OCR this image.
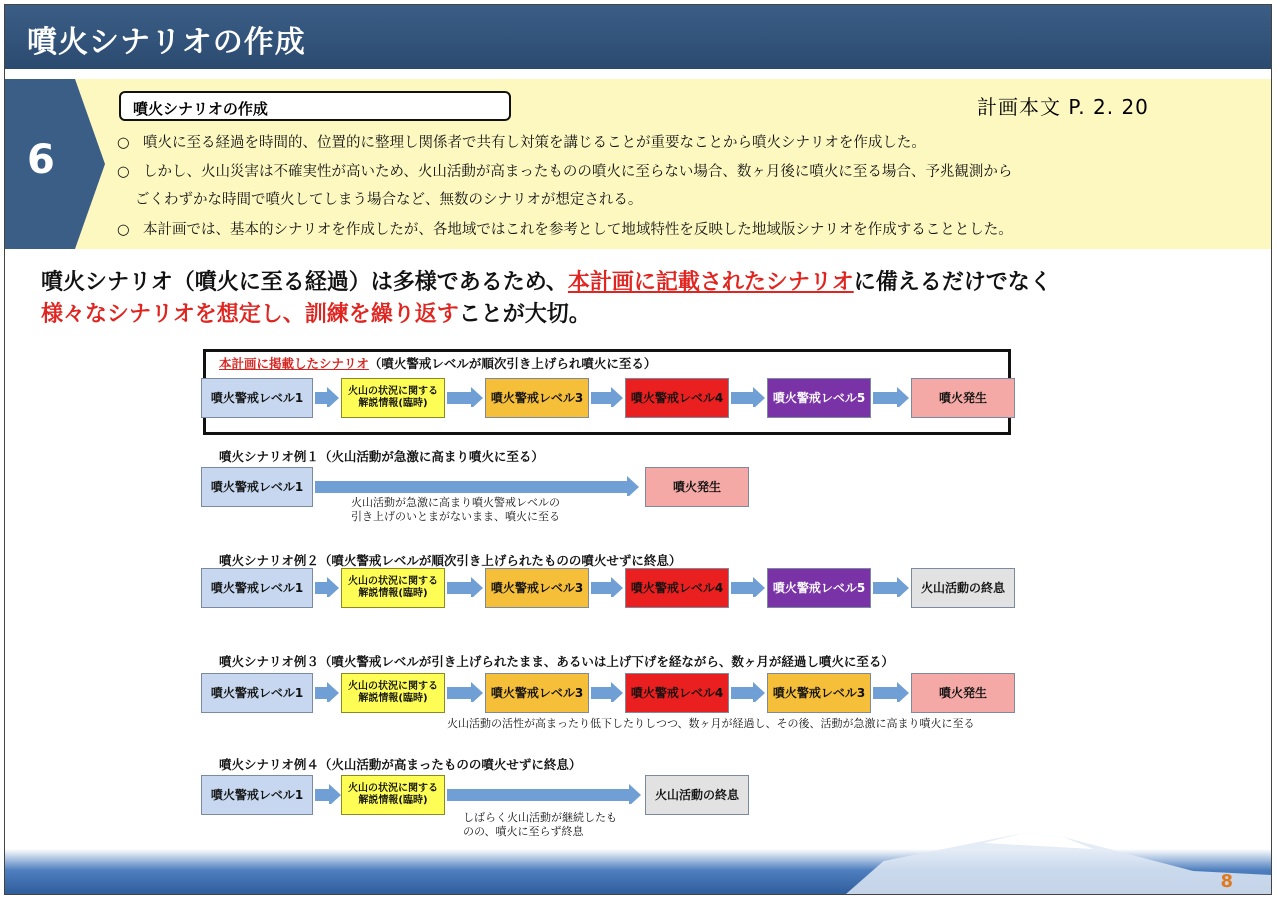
噴火シナリオの作成
6
噴火シナリオの作成	計画本文 P. 2. 20
○ 噴火に至る経過を時間的、位置的に整理し関係者で共有し対策を講じることが重要なことから噴火シナリオを作成した。
○ しかし、火山災害は不確実性が高いため、火山活動が高まったものの噴火に至らない場合、数ヶ月後に噴火に至る場合、予兆観測から
ごくわずかな時間で噴火してしまう場合など、無数のシナリオが想定される。
○ 本計画では、基本的シナリオを作成したが、各地域ではこれを参考として地域特性を反映した地域版シナリオを作成することとした。
噴火シナリオ（噴火に至る経過）は多様であるため、本計画に記載されたシナリオに備えるだけでなく
様々なシナリオを想定し、訓練を繰り返すことが大切。
本計画に掲載したシナリオ（噴火警戒レベルが順次引き上げられ噴火に至る）
噴火シナリオ例１（火山活動が急激に高まり噴火に至る）
噴火シナリオ例２（噴火警戒レベルが順次引き上げられたものの噴火せずに終息）
噴火シナリオ例３（噴火警戒レベルが引き上げられたまま、あるいは上げ下げを経ながら、数ヶ月が経過し噴火に至る）
噴火シナリオ例４（火山活動が高まったものの噴火せずに終息）
噴火警戒レベル1	火山の状況に関する
解説情報(臨時)	噴火警戒レベル3	噴火警戒レベル4	噴火警戒レベル5	噴火発生
噴火警戒レベル1	火山の状況に関する
解説情報(臨時)	噴火警戒レベル3	噴火警戒レベル4	噴火警戒レベル5	火山活動の終息
噴火警戒レベル1	火山の状況に関する
解説情報(臨時)	噴火警戒レベル3	噴火警戒レベル4	噴火警戒レベル3	噴火発生
噴火警戒レベル1	噴火発生
噴火警戒レベル1	火山の状況に関する
解説情報(臨時)	火山活動の終息
火山活動が急激に高まり噴火警戒レベルの
引き上げのいとまがないまま、噴火に至る
火山活動の活性が高まったり低下したりしつつ、数ヶ月が経過し、その後、活動が急激に高まり噴火に至る
しばらく火山活動が継続したも
のの、噴火に至らず終息
8
